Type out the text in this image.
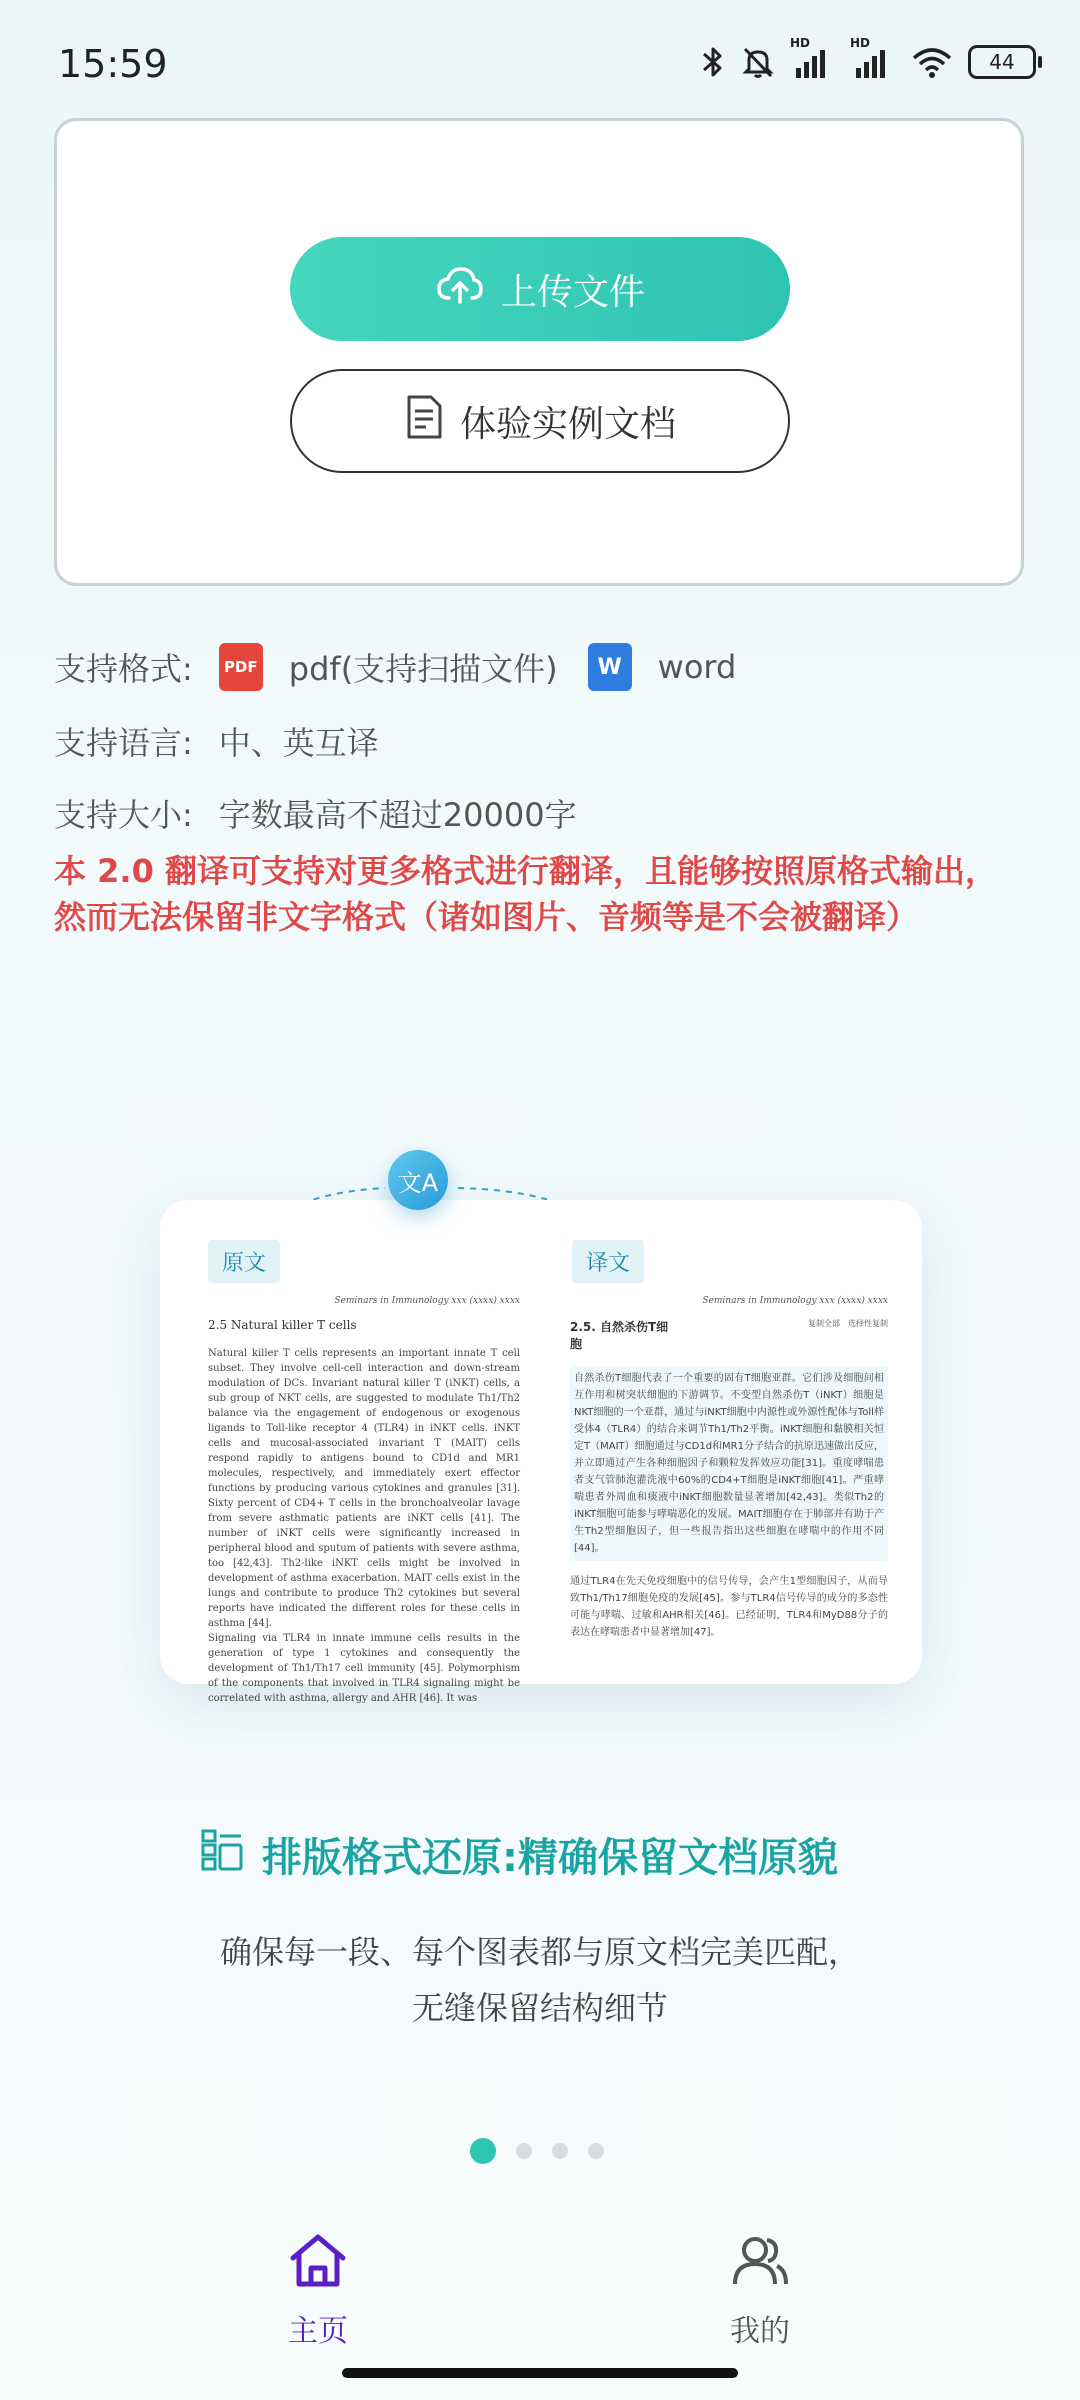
15:59	HD	HD
44
上传文件
体验实例文档
支持格式:	PDF pdf(支持扫描文件)	W	word
支持语言: 中、英互译
支持大小: 字数最高不超过20000字
本 2.0 翻译可支持对更多格式进行翻译，且能够按照原格式输出，然而无法保留非文字格式（诸如图片、音频等是不会被翻译）
原文	译文
Seminars in Immunology xxx (xxxx) xxxx
2.5 Natural killer T cells
Natural killer T cells represents an important innate T cell subset. They involve cell-cell interaction and down-stream modulation of DCs. Invariant natural killer T (iNKT) cells, a sub group of NKT cells, are suggested to modulate Th1/Th2 balance via the engagement of endogenous or exogenous ligands to Toll-like receptor 4 (TLR4) in iNKT cells. iNKT cells and mucosal-associated invariant T (MAIT) cells respond rapidly to antigens bound to CD1d and MR1 molecules, respectively, and immediately exert effector functions by producing various cytokines and granules [31]. Sixty percent of CD4+ T cells in the bronchoalveolar lavage from severe asthmatic patients are iNKT cells [41]. The number of iNKT cells were significantly increased in peripheral blood and sputum of patients with severe asthma, too [42,43]. Th2-like iNKT cells might be involved in development of asthma exacerbation. MAIT cells exist in the lungs and contribute to produce Th2 cytokines but several reports have indicated the different roles for these cells in asthma [44].
Signaling via TLR4 in innate immune cells results in the generation of type 1 cytokines and consequently the development of Th1/Th17 cell immunity [45]. Polymorphism of the components that involved in TLR4 signaling might be correlated with asthma, allergy and AHR [46]. It was
Seminars in Immunology xxx (xxxx) xxxx
2.5. 自然杀伤T细胞
复制全部 选择性复制
自然杀伤T细胞代表了一个重要的固有T细胞亚群。它们涉及细胞间相互作用和树突状细胞的下游调节。不变型自然杀伤T（iNKT）细胞是NKT细胞的一个亚群，通过与iNKT细胞中内源性或外源性配体与Toll样受体4（TLR4）的结合来调节Th1/Th2平衡。iNKT细胞和黏膜相关恒定T（MAIT）细胞通过与CD1d和MR1分子结合的抗原迅速做出反应，并立即通过产生各种细胞因子和颗粒发挥效应功能[31]。重度哮喘患者支气管肺泡灌洗液中60%的CD4+T细胞是iNKT细胞[41]。严重哮喘患者外周血和痰液中iNKT细胞数量显著增加[42,43]。类似Th2的iNKT细胞可能参与哮喘恶化的发展。MAIT细胞存在于肺部并有助于产生Th2型细胞因子，但一些报告指出这些细胞在哮喘中的作用不同[44]。
通过TLR4在先天免疫细胞中的信号传导，会产生1型细胞因子，从而导致Th1/Th17细胞免疫的发展[45]。参与TLR4信号传导的成分的多态性可能与哮喘、过敏和AHR相关[46]。已经证明，TLR4和MyD88分子的表达在哮喘患者中显著增加[47]。
文A
排版格式还原:精确保留文档原貌
确保每一段、每个图表都与原文档完美匹配，
无缝保留结构细节
主页	我的
